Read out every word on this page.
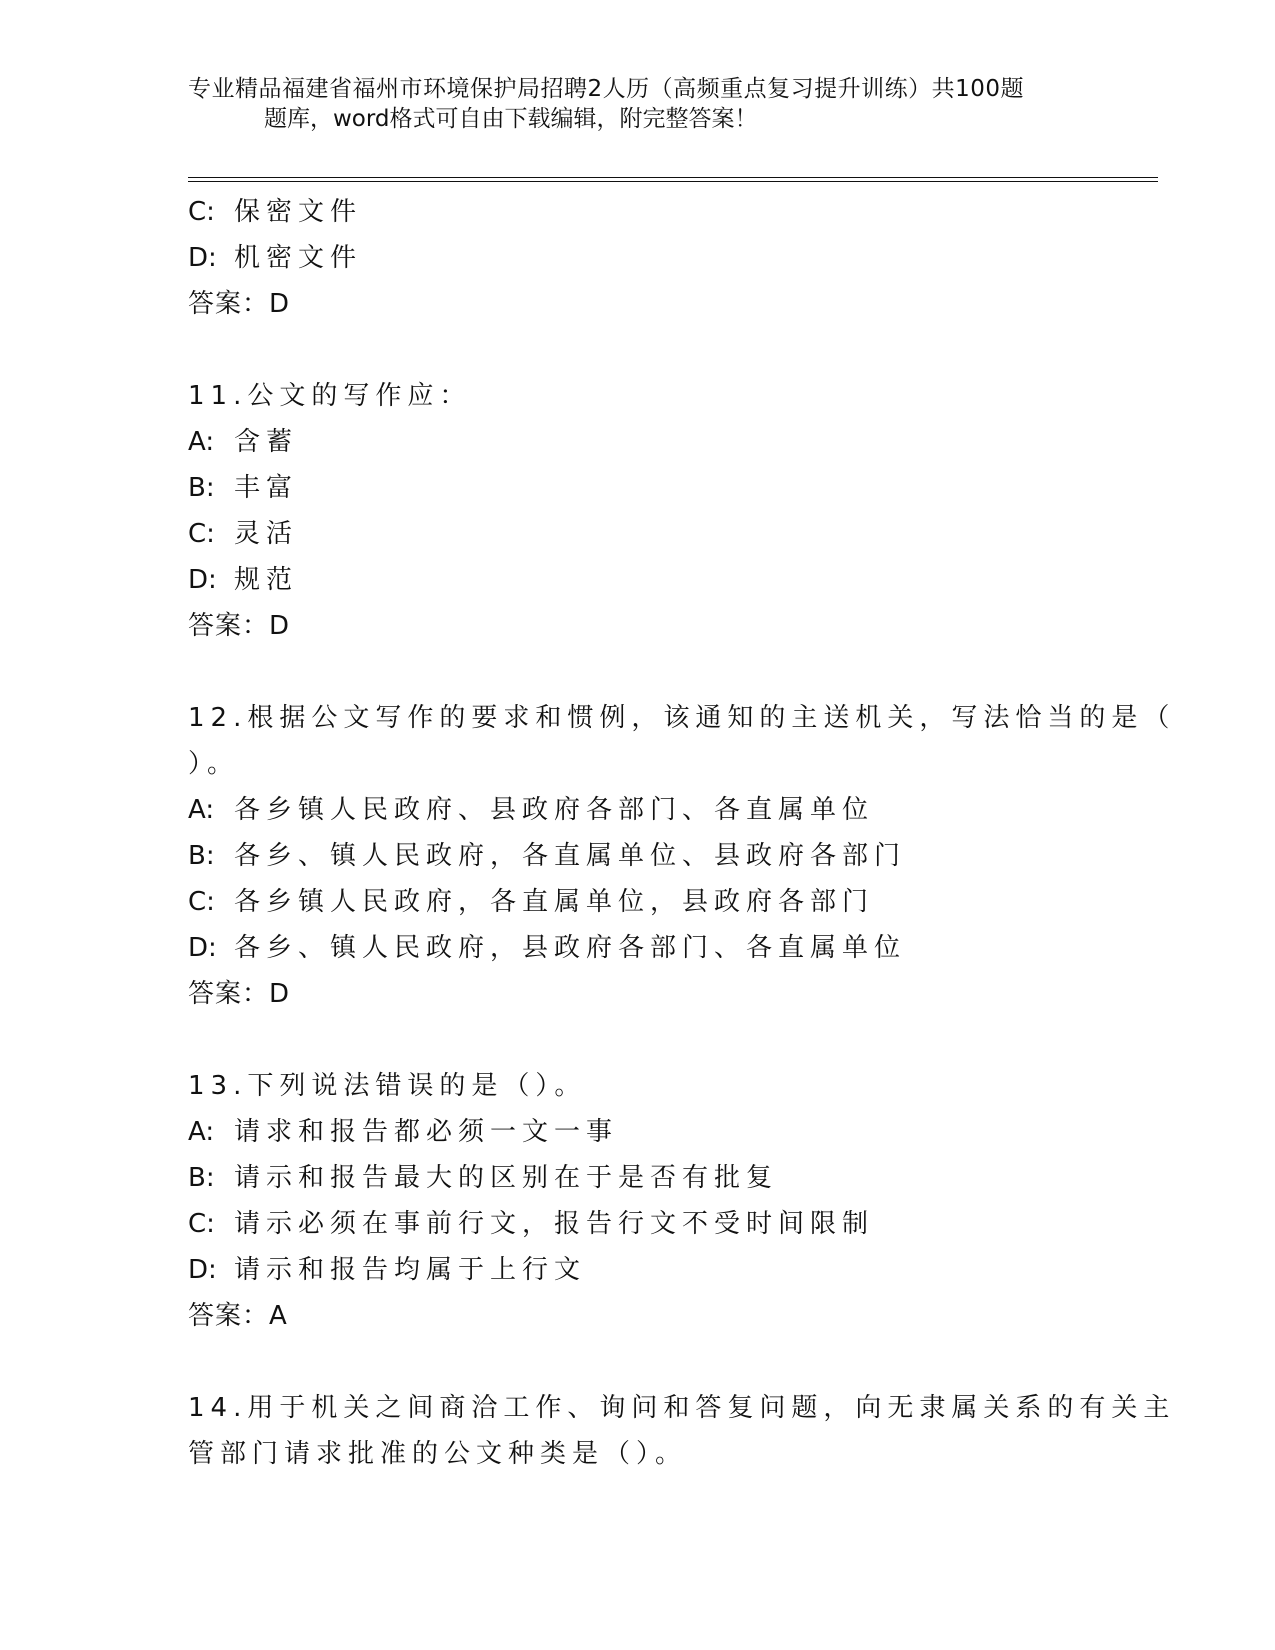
专业精品福建省福州市环境保护局招聘2人历（高频重点复习提升训练）共100题
题库，word格式可自由下载编辑，附完整答案！
C: 保密文件
D: 机密文件
答案：D
11.公文的写作应：
A: 含蓄
B: 丰富
C: 灵活
D: 规范
答案：D
12.根据公文写作的要求和惯例，该通知的主送机关，写法恰当的是（
）。
A: 各乡镇人民政府、县政府各部门、各直属单位
B: 各乡、镇人民政府，各直属单位、县政府各部门
C: 各乡镇人民政府，各直属单位，县政府各部门
D: 各乡、镇人民政府，县政府各部门、各直属单位
答案：D
13.下列说法错误的是（）。
A: 请求和报告都必须一文一事
B: 请示和报告最大的区别在于是否有批复
C: 请示必须在事前行文，报告行文不受时间限制
D: 请示和报告均属于上行文
答案：A
14.用于机关之间商洽工作、询问和答复问题，向无隶属关系的有关主
管部门请求批准的公文种类是（）。
